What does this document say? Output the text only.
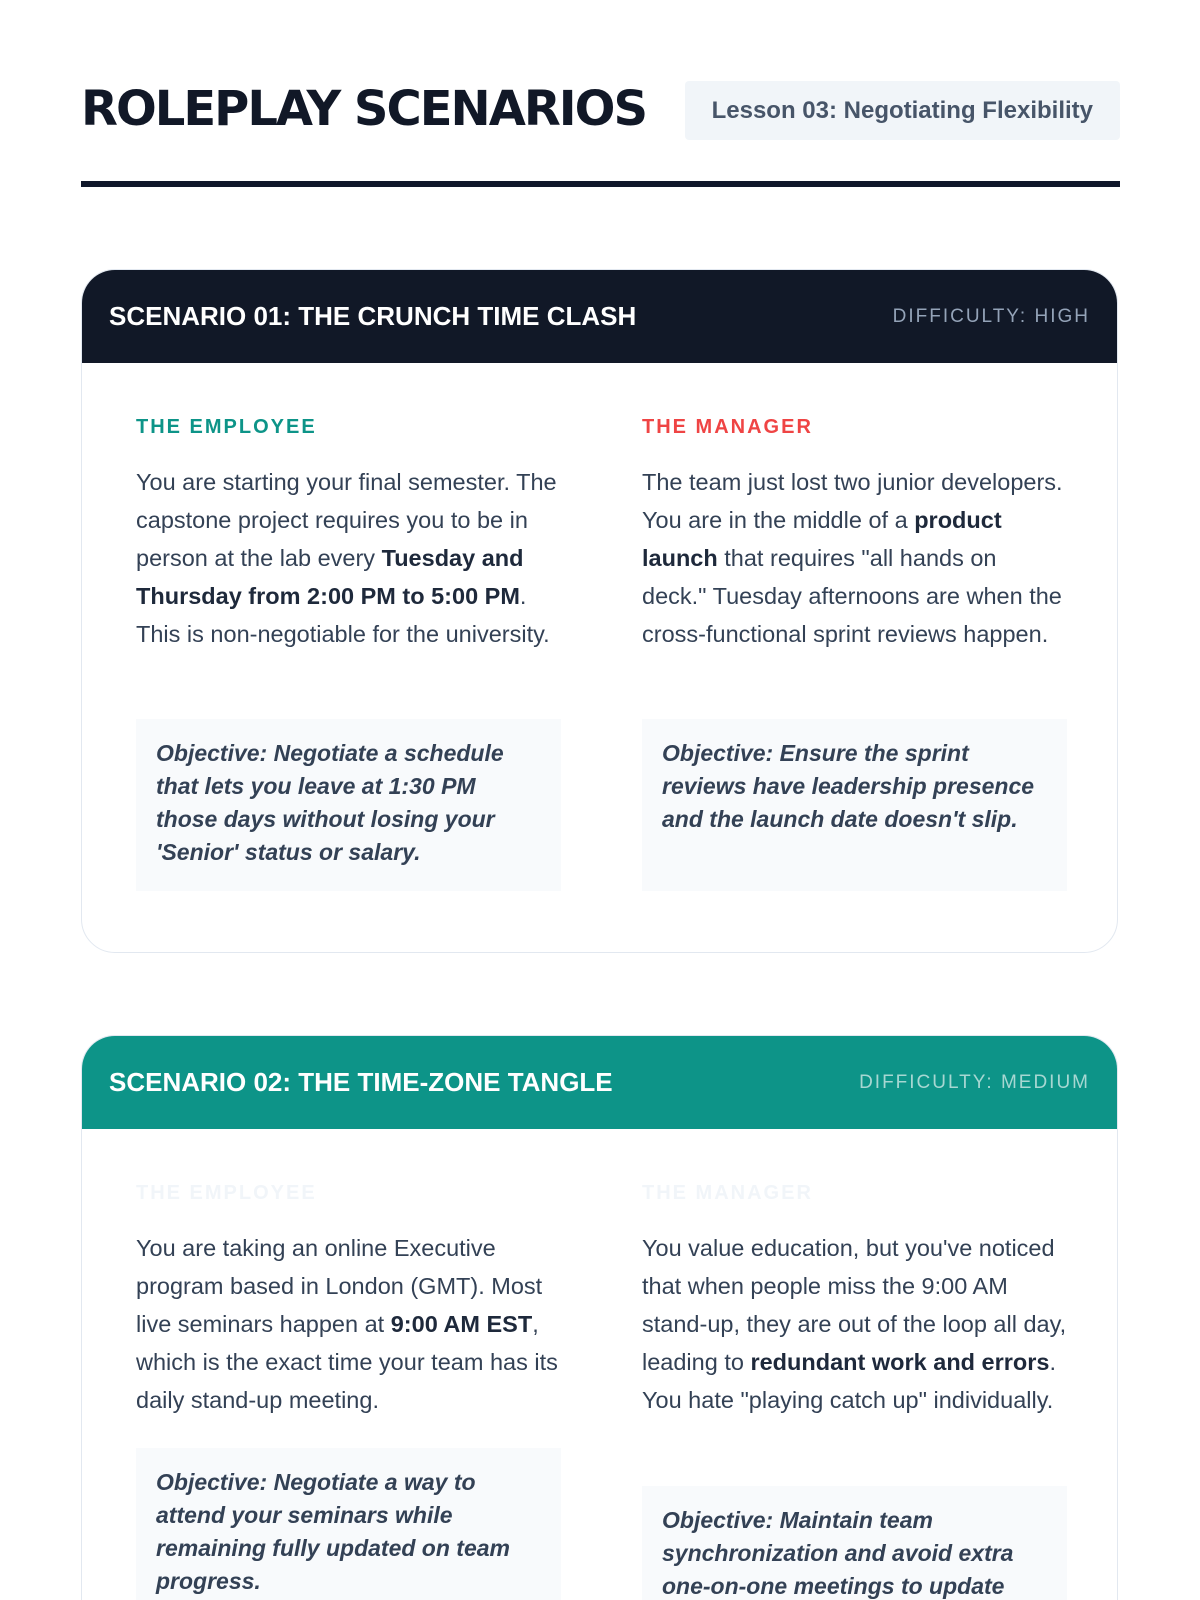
ROLEPLAY SCENARIOS	Lesson 03: Negotiating Flexibility
SCENARIO 01: THE CRUNCH TIME CLASH	DIFFICULTY: HIGH
THE EMPLOYEE

You are starting your final semester. The capstone project requires you to be in person at the lab every Tuesday and Thursday from 2:00 PM to 5:00 PM. This is non-negotiable for the university.

Objective: Negotiate a schedule that lets you leave at 1:30 PM those days without losing your 'Senior' status or salary.
THE MANAGER

The team just lost two junior developers. You are in the middle of a product launch that requires "all hands on deck." Tuesday afternoons are when the cross-functional sprint reviews happen.

Objective: Ensure the sprint reviews have leadership presence and the launch date doesn't slip.
SCENARIO 02: THE TIME-ZONE TANGLE	DIFFICULTY: MEDIUM
THE EMPLOYEE

You are taking an online Executive program based in London (GMT). Most live seminars happen at 9:00 AM EST, which is the exact time your team has its daily stand-up meeting.

Objective: Negotiate a way to attend your seminars while remaining fully updated on team progress.
THE MANAGER

You value education, but you've noticed that when people miss the 9:00 AM stand-up, they are out of the loop all day, leading to redundant work and errors. You hate "playing catch up" individually.

Objective: Maintain team synchronization and avoid extra one-on-one meetings to update
